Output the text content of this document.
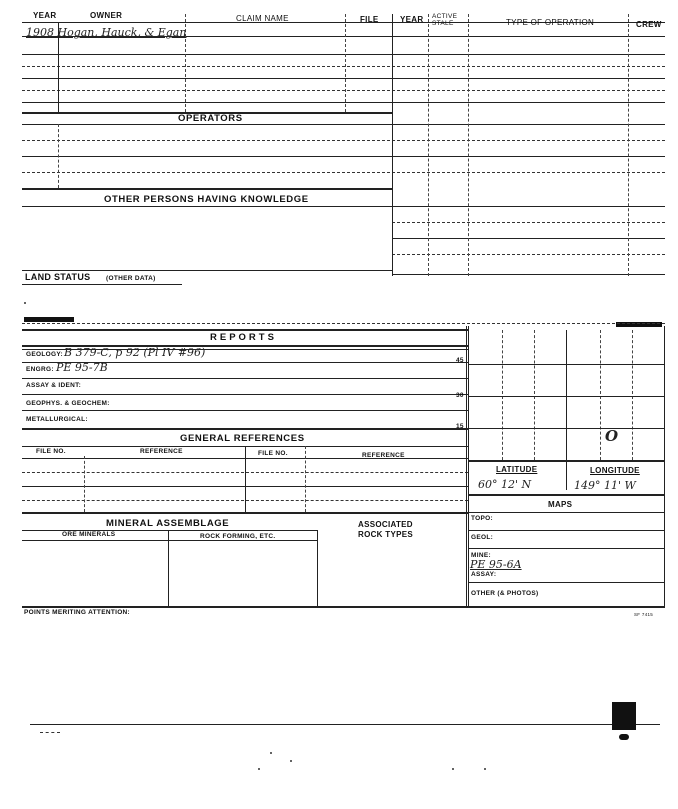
YEAR	OWNER	CLAIM NAME	FILE	YEAR ACTIVE STALE	TYPE OF OPERATION	CREW
1908 Hogan, Hauck, & Egan
OPERATORS
OTHER PERSONS HAVING KNOWLEDGE
LAND STATUS (OTHER DATA)
REPORTS
GEOLOGY: B 379-C, p 92 (Pl IV #96)
ENGRG: PE 95-7B
ASSAY & IDENT:
GEOPHYS. & GEOCHEM:
METALLURGICAL:
45
30
15
GENERAL REFERENCES
FILE NO.	REFERENCE	FILE NO.	REFERENCE
MINERAL ASSEMBLAGE
ORE MINERALS	ROCK FORMING, ETC.
ASSOCIATED
ROCK TYPES
POINTS MERITING ATTENTION:	SF 7415
O
LATITUDE	LONGITUDE
60° 12' N	149° 11' W
MAPS
TOPO:
GEOL:
MINE:
PE 95-6A
ASSAY:
OTHER (& PHOTOS)
